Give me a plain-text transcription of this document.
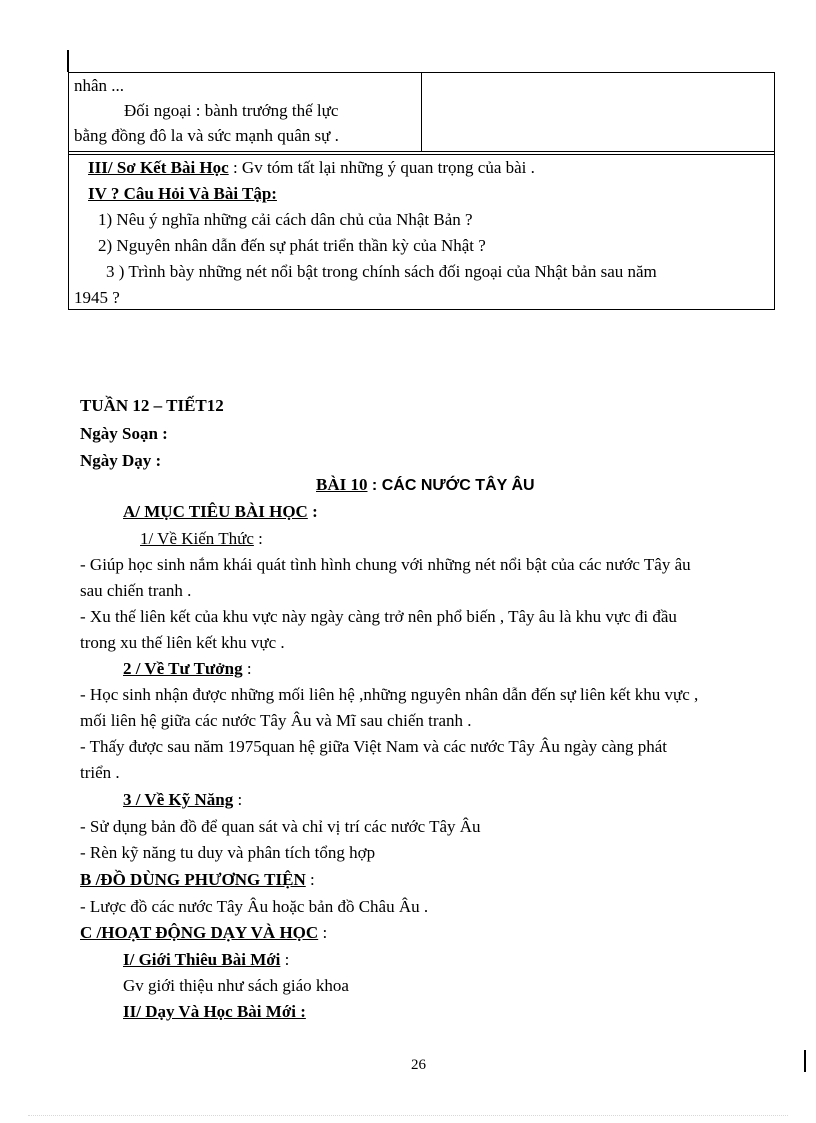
nhân ...
Đối ngoại : bành trướng thế lực
bằng đồng đô la và sức mạnh quân sự .
III/ Sơ Kết Bài Học : Gv tóm tất lại những ý quan trọng của bài .
IV ? Câu Hỏi Và Bài Tập:
1) Nêu ý nghĩa những cải cách dân chủ của Nhật Bản ?
2) Nguyên nhân dẫn đến sự phát triển thần kỳ của Nhật ?
3 ) Trình bày những nét nổi bật trong chính sách đối ngoại của Nhật bản sau năm
1945 ?
TUẦN 12 – TIẾT12
Ngày Soạn :
Ngày Dạy :
BÀI 10 : CÁC NƯỚC TÂY ÂU
A/ MỤC TIÊU BÀI HỌC :
1/ Về Kiến Thức :
- Giúp học sinh nắm khái quát tình hình chung với những nét nổi bật của các nước Tây âu
sau chiến tranh .
- Xu thế liên kết của khu vực này ngày càng trở nên phổ biến , Tây âu là khu vực đi đầu
trong xu thế liên kết khu vực .
2 / Về Tư Tưởng :
- Học sinh nhận được những mối liên hệ ,những nguyên nhân dẫn đến sự liên kết khu vực ,
mối liên hệ giữa các nước Tây Âu và Mĩ sau chiến tranh .
- Thấy được sau năm 1975quan hệ giữa Việt Nam và các nước Tây Âu ngày càng phát
triển .
3 / Về Kỹ Năng :
- Sử dụng bản đồ để quan sát và chỉ vị trí các nước Tây Âu
- Rèn kỹ năng tu duy và phân tích tổng hợp
B /ĐỒ DÙNG PHƯƠNG TIỆN :
- Lược đồ các nước Tây Âu hoặc bản đồ Châu Âu .
C /HOẠT ĐỘNG DẠY VÀ HỌC :
I/ Giới Thiêu Bài Mới :
Gv giới thiệu như sách giáo khoa
II/ Dạy Và Học Bài Mới :
26
